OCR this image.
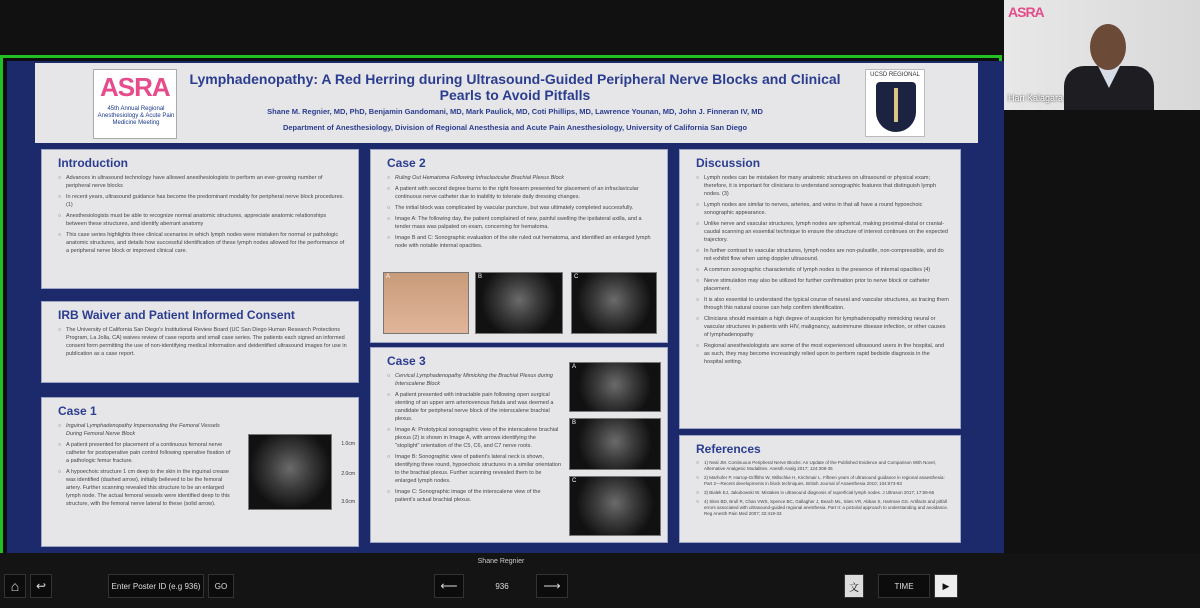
ASRA
45th Annual Regional Anesthesiology & Acute Pain Medicine Meeting
Lymphadenopathy: A Red Herring during Ultrasound-Guided Peripheral Nerve Blocks and Clinical Pearls to Avoid Pitfalls
Shane M. Regnier, MD, PhD, Benjamin Gandomani, MD, Mark Paulick, MD, Coti Phillips, MD, Lawrence Younan, MD, John J. Finneran IV, MD
Department of Anesthesiology, Division of Regional Anesthesia and Acute Pain Anesthesiology, University of California San Diego
UCSD REGIONAL
Introduction
○ Advances in ultrasound technology have allowed anesthesiologists to perform an ever-growing number of peripheral nerve blocks
○ In recent years, ultrasound guidance has become the predominant modality for peripheral nerve block procedures. (1)
○ Anesthesiologists must be able to recognize normal anatomic structures, appreciate anatomic relationships between these structures, and identify aberrant anatomy
○ This case series highlights three clinical scenarios in which lymph nodes were mistaken for normal or pathologic anatomic structures, and details how successful identification of these lymph nodes allowed for the performance of a peripheral nerve block or improved clinical care.
IRB Waiver and Patient Informed Consent
○ The University of California San Diego's Institutional Review Board (UC San Diego Human Research Protections Program, La Jolla, CA) waives review of case reports and small case series. The patients each signed an informed consent form permitting the use of non-identifying medical information and deidentified ultrasound images for use in publication as a case report.
Case 1
○ Inguinal Lymphadenopathy Impersonating the Femoral Vessels During Femoral Nerve Block
○ A patient presented for placement of a continuous femoral nerve catheter for postoperative pain control following operative fixation of a pathologic femur fracture.
○ A hypoechoic structure 1 cm deep to the skin in the inguinal crease was identified (dashed arrow), initially believed to be the femoral artery. Further scanning revealed this structure to be an enlarged lymph node. The actual femoral vessels were identified deep to this structure, with the femoral nerve lateral to these (solid arrow).
1.0cm
2.0cm
3.0cm
Case 2
○ Ruling Out Hematoma Following Infraclavicular Brachial Plexus Block
○ A patient with second degree burns to the right forearm presented for placement of an infraclavicular continuous nerve catheter due to inability to tolerate daily dressing changes.
○ The initial block was complicated by vascular puncture, but was ultimately completed successfully.
○ Image A: The following day, the patient complained of new, painful swelling the ipsilateral axilla, and a tender mass was palpated on exam, concerning for hematoma.
○ Image B and C: Sonographic evaluation of the site ruled out hematoma, and identified an enlarged lymph node with notable internal opacities.
A	B	C
Case 3
○ Cervical Lymphadenopathy Mimicking the Brachial Plexus during Interscalene Block
○ A patient presented with intractable pain following open surgical stenting of an upper arm arteriovenous fistula and was deemed a candidate for peripheral nerve block of the interscalene brachial plexus.
○ Image A: Prototypical sonographic view of the interscalene brachial plexus (2) is shown in Image A, with arrows identifying the "stoplight" orientation of the C5, C6, and C7 nerve roots.
○ Image B: Sonographic view of patient's lateral neck is shown, identifying three round, hypoechoic structures in a similar orientation to the brachial plexus. Further scanning revealed them to be enlarged lymph nodes.
○ Image C: Sonographic image of the interscalene view of the patient's actual brachial plexus.
A
B
C
Discussion
○ Lymph nodes can be mistaken for many anatomic structures on ultrasound or physical exam; therefore, it is important for clinicians to understand sonographic features that distinguish lymph nodes. (3)
○ Lymph nodes are similar to nerves, arteries, and veins in that all have a round hypoechoic sonographic appearance.
○ Unlike nerve and vascular structures, lymph nodes are spherical, making proximal-distal or cranial-caudal scanning an essential technique to ensure the structure of interest continues on the expected trajectory.
○ In further contrast to vascular structures, lymph nodes are non-pulsatile, non-compressible, and do not exhibit flow when using doppler ultrasound.
○ A common sonographic characteristic of lymph nodes is the presence of internal opacities (4)
○ Nerve stimulation may also be utilized for further confirmation prior to nerve block or catheter placement.
○ It is also essential to understand the typical course of neural and vascular structures, as tracing them through this natural course can help confirm identification.
○ Clinicians should maintain a high degree of suspicion for lymphadenopathy mimicking neural or vascular structures in patients with HIV, malignancy, autoimmune disease infection, or other causes of lymphadenopathy
○ Regional anesthesiologists are some of the most experienced ultrasound users in the hospital, and as such, they may become increasingly relied upon to perform rapid bedside diagnosis in the hospital setting.
References
○ 1) Neal JM. Continuous Peripheral Nerve Blocks: An Update of the Published Evidence and Comparison With Novel, Alternative Analgesic Modalities. Anesth Analg 2017; 124:308-35
○ 2) Marhofer P, Harrop-Griffiths W, Willschke H, Kirchmair L. Fifteen years of ultrasound guidance in regional anaesthesia: Part 2—Recent developments in block techniques. British Journal of Anaesthesia 2010; 104:673-83
○ 3) Bialek EJ, Jakubowski W. Mistakes in ultrasound diagnosis of superficial lymph nodes. J Ultrason 2017; 17:59-65
○ 4) Sites BD, Brull R, Chan VWS, Spence BC, Gallagher J, Beach ML, Sites VR, Abbas S, Hartman GS. Artifacts and pitfall errors associated with ultrasound-guided regional anesthesia. Part II: a pictorial approach to understanding and avoidance. Reg Anesth Pain Med 2007; 32:419-33
Shane Regnier
⌂	↩	Enter Poster ID (e.g 936)	GO	⟵	936	⟶	文	TIME	▶
ASRA
Hari Kalagara
